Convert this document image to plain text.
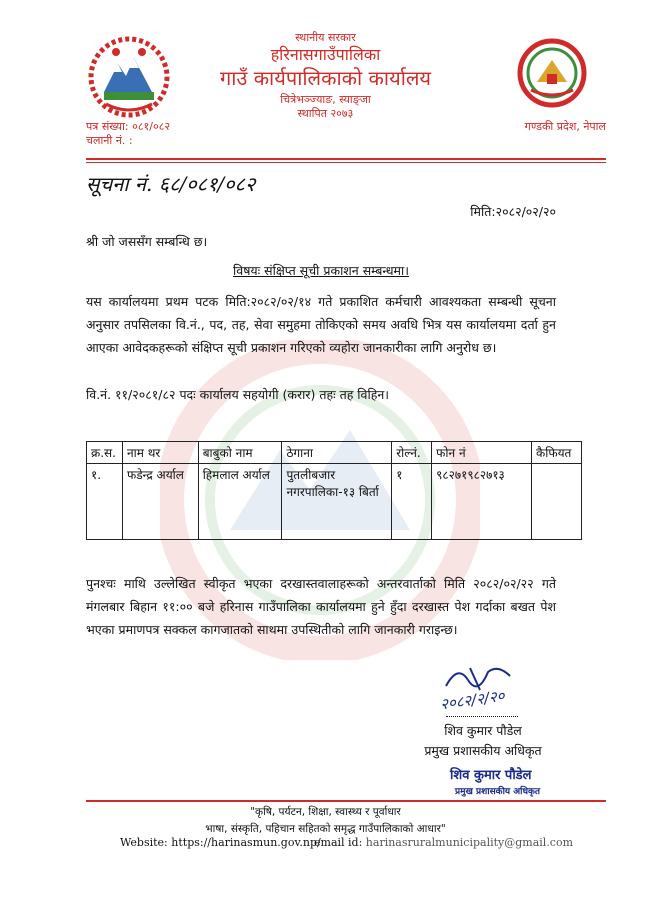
स्थानीय सरकार
हरिनासगाउँपालिका
गाउँ कार्यपालिकाको कार्यालय
चित्रेभञ्ज्याङ, स्याङ्जा
स्थापित २०७३
पत्र संख्या: ०८१/०८२
चलानी नं. :
गण्डकी प्रदेश, नेपाल
सूचना नं. ६८/०८१/०८२
मिति:२०८२/०२/२०
श्री जो जससँग सम्बन्धि छ।
विषयः संक्षिप्त सूची प्रकाशन सम्बन्धमा।
यस कार्यालयमा प्रथम पटक मिति:२०८२/०२/१४ गते प्रकाशित कर्मचारी आवश्यकता सम्बन्धी सूचना अनुसार तपसिलका वि.नं., पद, तह, सेवा समुहमा तोकिएको समय अवधि भित्र यस कार्यालयमा दर्ता हुन आएका आवेदकहरूको संक्षिप्त सूची प्रकाशन गरिएको व्यहोरा जानकारीका लागि अनुरोध छ।
वि.नं. ११/२०८१/८२ पदः कार्यालय सहयोगी (करार) तहः तह विहिन।
क्र.स.	नाम थर	बाबुको नाम	ठेगाना	रोल्नं.	फोन नं	कैफियत
१.	फडेन्द्र अर्याल	हिमलाल अर्याल	पुतलीबजार नगरपालिका-१३ बिर्ता	१	९८२७१९८२७१३	
पुनश्चः माथि उल्लेखित स्वीकृत भएका दरखास्तवालाहरूको अन्तरवार्ताको मिति २०८२/०२/२२ गते मंगलबार बिहान ११:०० बजे हरिनास गाउँपालिका कार्यालयमा हुने हुँदा दरखास्त पेश गर्दाका बखत पेश भएका प्रमाणपत्र सक्कल कागजातको साथमा उपस्थितीको लागि जानकारी गराइन्छ।
२०८२/२/२०
शिव कुमार पौडेल
प्रमुख प्रशासकीय अधिकृत
शिव कुमार पौडेल
प्रमुख प्रशासकीय अधिकृत
"कृषि, पर्यटन, शिक्षा, स्वास्थ्य र पूर्वाधार
भाषा, संस्कृति, पहिचान सहितको समृद्ध गाउँपालिकाको आधार"
Website: https://harinasmun.gov.np/
email id: harinasruralmunicipality@gmail.com
